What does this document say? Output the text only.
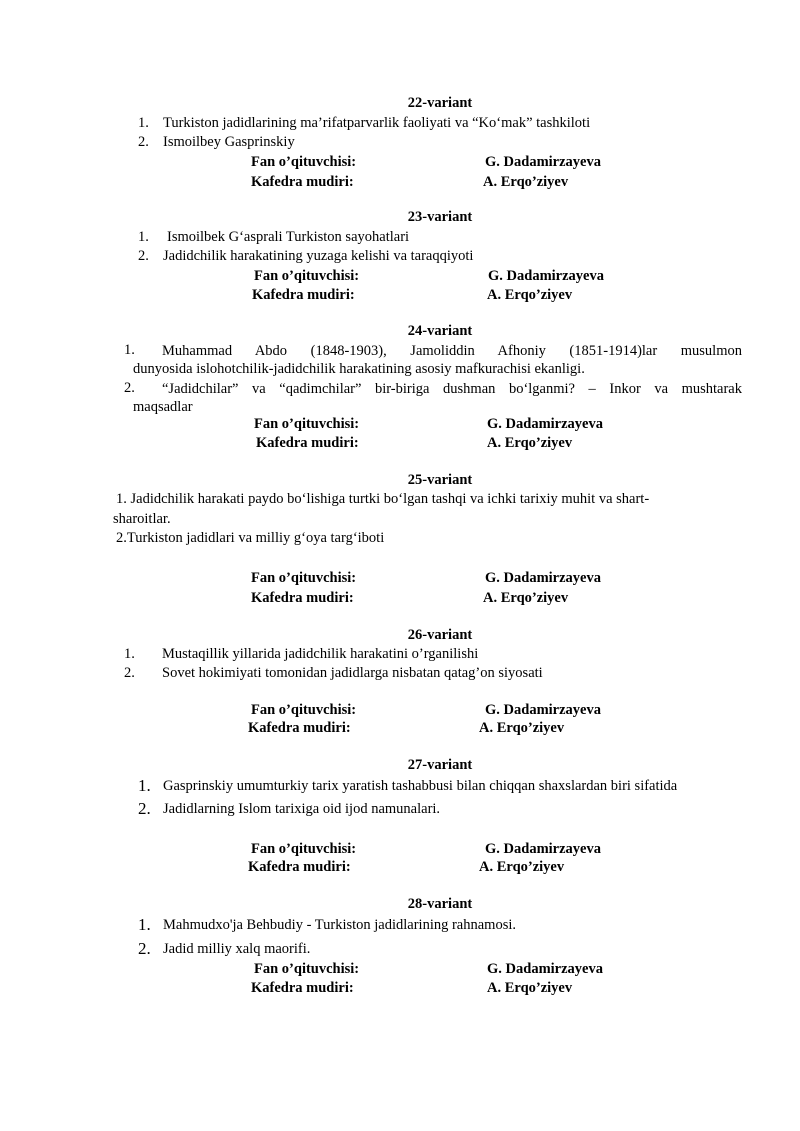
22-variant
1. Turkiston jadidlarining ma’rifatparvarlik faoliyati va “Ko‘mak” tashkiloti
2. Ismoilbey Gasprinskiy
Fan o’qituvchisi:	G. Dadamirzayeva
Kafedra mudiri:	A. Erqo’ziyev
23-variant
1.	Ismoilbek G‘asprali Turkiston sayohatlari
2. Jadidchilik harakatining yuzaga kelishi va taraqqiyoti
Fan o’qituvchisi:	G. Dadamirzayeva
Kafedra mudiri:	A. Erqo’ziyev
24-variant
1.	Muhammad Abdo (1848-1903), Jamoliddin Afhoniy (1851-1914)lar musulmon
dunyosida islohotchilik-jadidchilik harakatining asosiy mafkurachisi ekanligi.
2.	“Jadidchilar” va “qadimchilar” bir-biriga dushman bo‘lganmi? – Inkor va mushtarak
maqsadlar
Fan o’qituvchisi:	G. Dadamirzayeva
Kafedra mudiri:	A. Erqo’ziyev
25-variant
1. Jadidchilik harakati paydo bo‘lishiga turtki bo‘lgan tashqi va ichki tarixiy muhit va shart-
sharoitlar.
2.Turkiston jadidlari va milliy g‘oya targ‘iboti
Fan o’qituvchisi:	G. Dadamirzayeva
Kafedra mudiri:	A. Erqo’ziyev
26-variant
1.	Mustaqillik yillarida jadidchilik harakatini o’rganilishi
2.	Sovet hokimiyati tomonidan jadidlarga nisbatan qatag’on siyosati
Fan o’qituvchisi:	G. Dadamirzayeva
Kafedra mudiri:	A. Erqo’ziyev
27-variant
1. Gasprinskiy umumturkiy tarix yaratish tashabbusi bilan chiqqan shaxslardan biri sifatida
2. Jadidlarning Islom tarixiga oid ijod namunalari.
Fan o’qituvchisi:	G. Dadamirzayeva
Kafedra mudiri:	A. Erqo’ziyev
28-variant
1. Mahmudxo'ja Behbudiy - Turkiston jadidlarining rahnamosi.
2. Jadid milliy xalq maorifi.
Fan o’qituvchisi:	G. Dadamirzayeva
Kafedra mudiri:	A. Erqo’ziyev
